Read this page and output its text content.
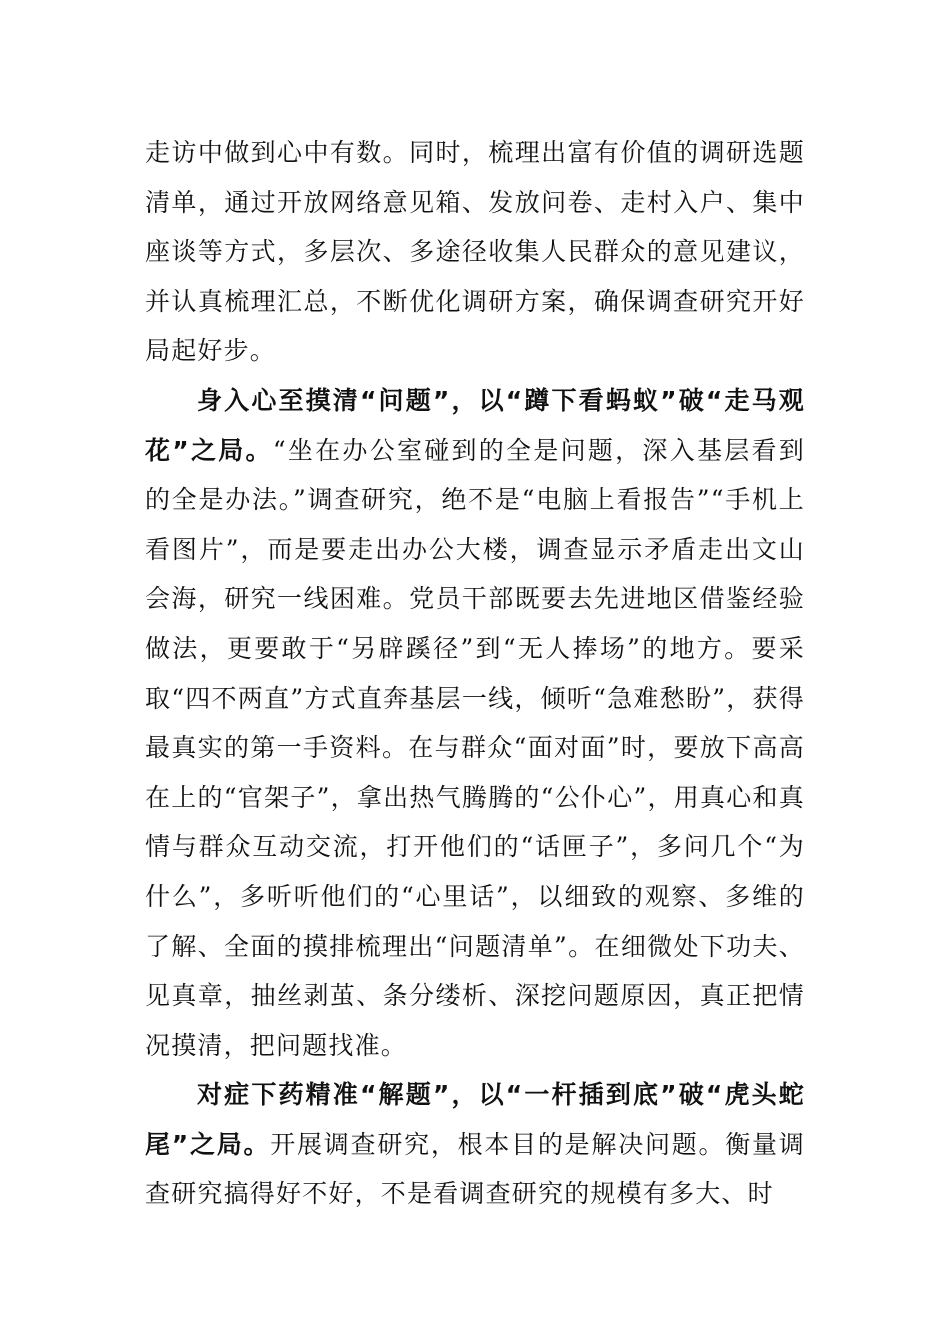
走访中做到心中有数。同时，梳理出富有价值的调研选题清单，通过开放网络意见箱、发放问卷、走村入户、集中座谈等方式，多层次、多途径收集人民群众的意见建议，并认真梳理汇总，不断优化调研方案，确保调查研究开好局起好步。

身入心至摸清“问题”，以“蹲下看蚂蚁”破“走马观花”之局。“坐在办公室碰到的全是问题，深入基层看到的全是办法。”调查研究，绝不是“电脑上看报告”“手机上看图片”，而是要走出办公大楼，调查显示矛盾走出文山会海，研究一线困难。党员干部既要去先进地区借鉴经验做法，更要敢于“另辟蹊径”到“无人捧场”的地方。要采取“四不两直”方式直奔基层一线，倾听“急难愁盼”，获得最真实的第一手资料。在与群众“面对面”时，要放下高高在上的“官架子”，拿出热气腾腾的“公仆心”，用真心和真情与群众互动交流，打开他们的“话匣子”，多问几个“为什么”，多听听他们的“心里话”，以细致的观察、多维的了解、全面的摸排梳理出“问题清单”。在细微处下功夫、见真章，抽丝剥茧、条分缕析、深挖问题原因，真正把情况摸清，把问题找准。

对症下药精准“解题”，以“一杆插到底”破“虎头蛇尾”之局。开展调查研究，根本目的是解决问题。衡量调查研究搞得好不好，不是看调查研究的规模有多大、时
